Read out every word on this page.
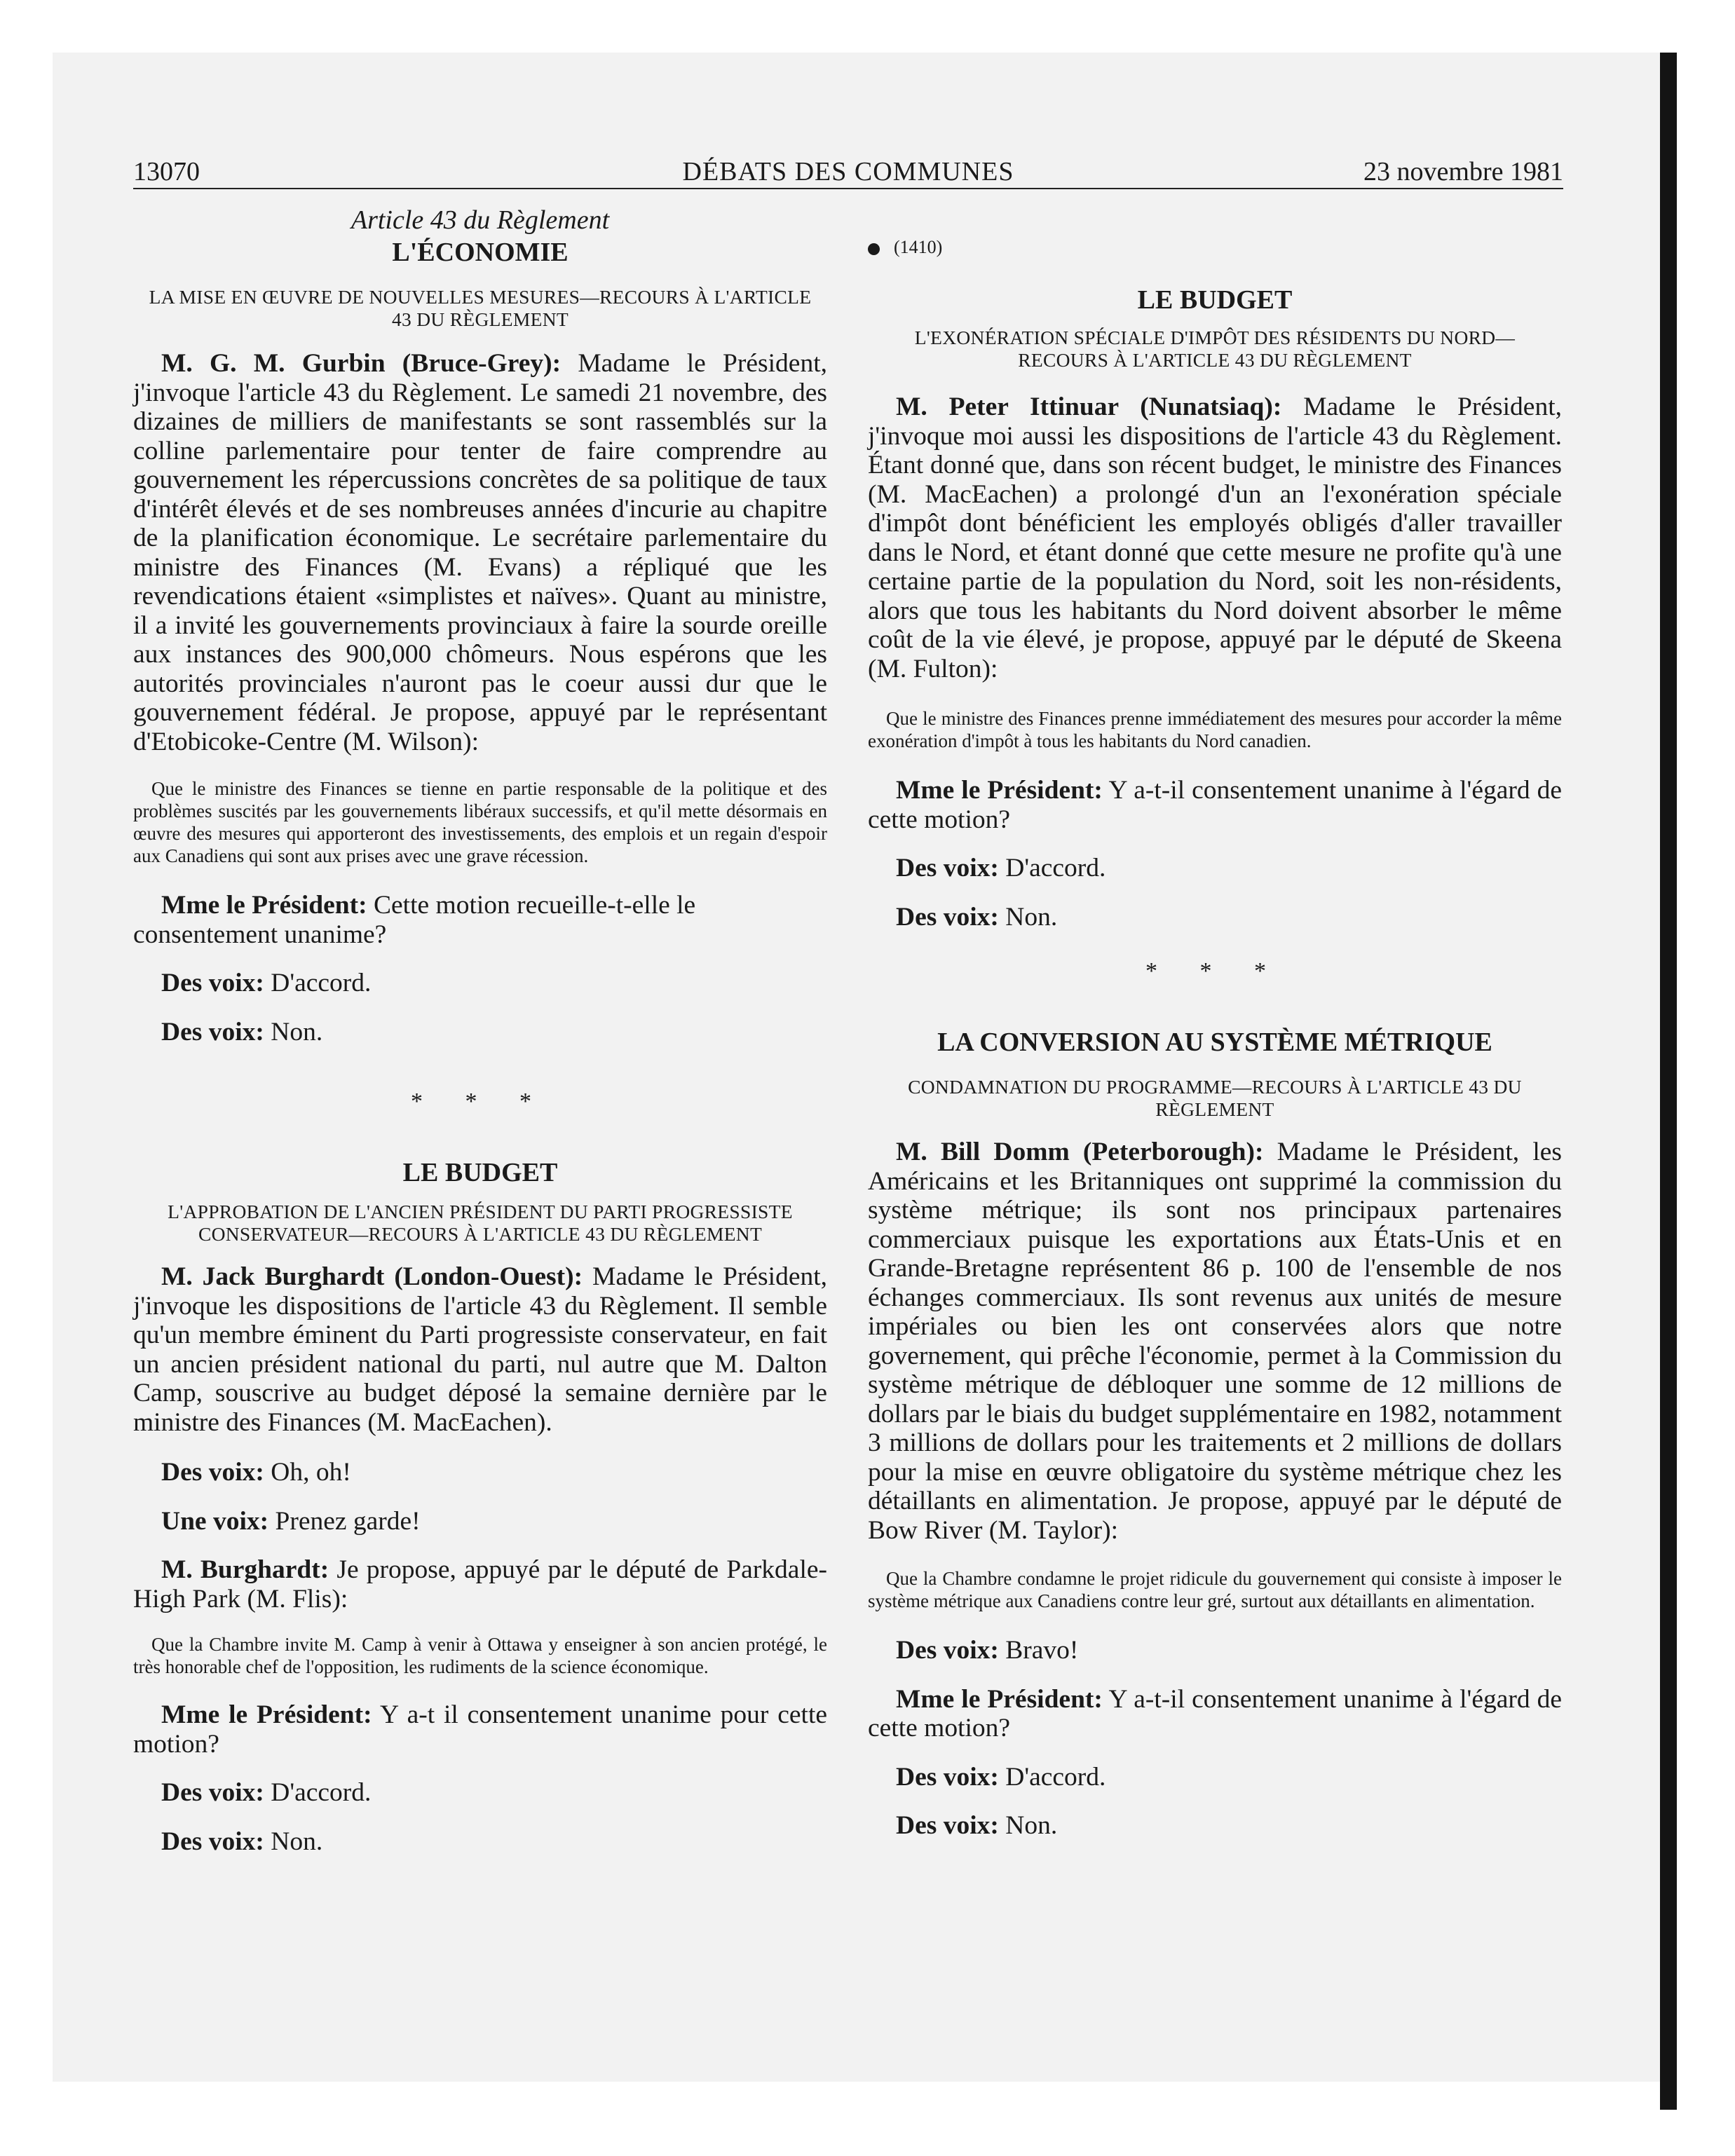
13070	DÉBATS DES COMMUNES	23 novembre 1981

Article 43 du Règlement

L'ÉCONOMIE

LA MISE EN ŒUVRE DE NOUVELLES MESURES—RECOURS À L'ARTICLE 43 DU RÈGLEMENT

M. G. M. Gurbin (Bruce-Grey): Madame le Président, j'invoque l'article 43 du Règlement. Le samedi 21 novembre, des dizaines de milliers de manifestants se sont rassemblés sur la colline parlementaire pour tenter de faire comprendre au gouvernement les répercussions concrètes de sa politique de taux d'intérêt élevés et de ses nombreuses années d'incurie au chapitre de la planification économique. Le secrétaire parlementaire du ministre des Finances (M. Evans) a répliqué que les revendications étaient «simplistes et naïves». Quant au ministre, il a invité les gouvernements provinciaux à faire la sourde oreille aux instances des 900,000 chômeurs. Nous espérons que les autorités provinciales n'auront pas le coeur aussi dur que le gouvernement fédéral. Je propose, appuyé par le représentant d'Etobicoke-Centre (M. Wilson):

Que le ministre des Finances se tienne en partie responsable de la politique et des problèmes suscités par les gouvernements libéraux successifs, et qu'il mette désormais en œuvre des mesures qui apporteront des investissements, des emplois et un regain d'espoir aux Canadiens qui sont aux prises avec une grave récession.

Mme le Président: Cette motion recueille-t-elle le consentement unanime?

Des voix: D'accord.

Des voix: Non.

* * *

LE BUDGET

L'APPROBATION DE L'ANCIEN PRÉSIDENT DU PARTI PROGRESSISTE CONSERVATEUR—RECOURS À L'ARTICLE 43 DU RÈGLEMENT

M. Jack Burghardt (London-Ouest): Madame le Président, j'invoque les dispositions de l'article 43 du Règlement. Il semble qu'un membre éminent du Parti progressiste conservateur, en fait un ancien président national du parti, nul autre que M. Dalton Camp, souscrive au budget déposé la semaine dernière par le ministre des Finances (M. MacEachen).

Des voix: Oh, oh!

Une voix: Prenez garde!

M. Burghardt: Je propose, appuyé par le député de Parkdale-High Park (M. Flis):

Que la Chambre invite M. Camp à venir à Ottawa y enseigner à son ancien protégé, le très honorable chef de l'opposition, les rudiments de la science économique.

Mme le Président: Y a-t il consentement unanime pour cette motion?

Des voix: D'accord.

Des voix: Non.

(1410)

LE BUDGET

L'EXONÉRATION SPÉCIALE D'IMPÔT DES RÉSIDENTS DU NORD—RECOURS À L'ARTICLE 43 DU RÈGLEMENT

M. Peter Ittinuar (Nunatsiaq): Madame le Président, j'invoque moi aussi les dispositions de l'article 43 du Règlement. Étant donné que, dans son récent budget, le ministre des Finances (M. MacEachen) a prolongé d'un an l'exonération spéciale d'impôt dont bénéficient les employés obligés d'aller travailler dans le Nord, et étant donné que cette mesure ne profite qu'à une certaine partie de la population du Nord, soit les non-résidents, alors que tous les habitants du Nord doivent absorber le même coût de la vie élevé, je propose, appuyé par le député de Skeena (M. Fulton):

Que le ministre des Finances prenne immédiatement des mesures pour accorder la même exonération d'impôt à tous les habitants du Nord canadien.

Mme le Président: Y a-t-il consentement unanime à l'égard de cette motion?

Des voix: D'accord.

Des voix: Non.

* * *

LA CONVERSION AU SYSTÈME MÉTRIQUE

CONDAMNATION DU PROGRAMME—RECOURS À L'ARTICLE 43 DU RÈGLEMENT

M. Bill Domm (Peterborough): Madame le Président, les Américains et les Britanniques ont supprimé la commission du système métrique; ils sont nos principaux partenaires commerciaux puisque les exportations aux États-Unis et en Grande-Bretagne représentent 86 p. 100 de l'ensemble de nos échanges commerciaux. Ils sont revenus aux unités de mesure impériales ou bien les ont conservées alors que notre governement, qui prêche l'économie, permet à la Commission du système métrique de débloquer une somme de 12 millions de dollars par le biais du budget supplémentaire en 1982, notamment 3 millions de dollars pour les traitements et 2 millions de dollars pour la mise en œuvre obligatoire du système métrique chez les détaillants en alimentation. Je propose, appuyé par le député de Bow River (M. Taylor):

Que la Chambre condamne le projet ridicule du gouvernement qui consiste à imposer le système métrique aux Canadiens contre leur gré, surtout aux détaillants en alimentation.

Des voix: Bravo!

Mme le Président: Y a-t-il consentement unanime à l'égard de cette motion?

Des voix: D'accord.

Des voix: Non.
